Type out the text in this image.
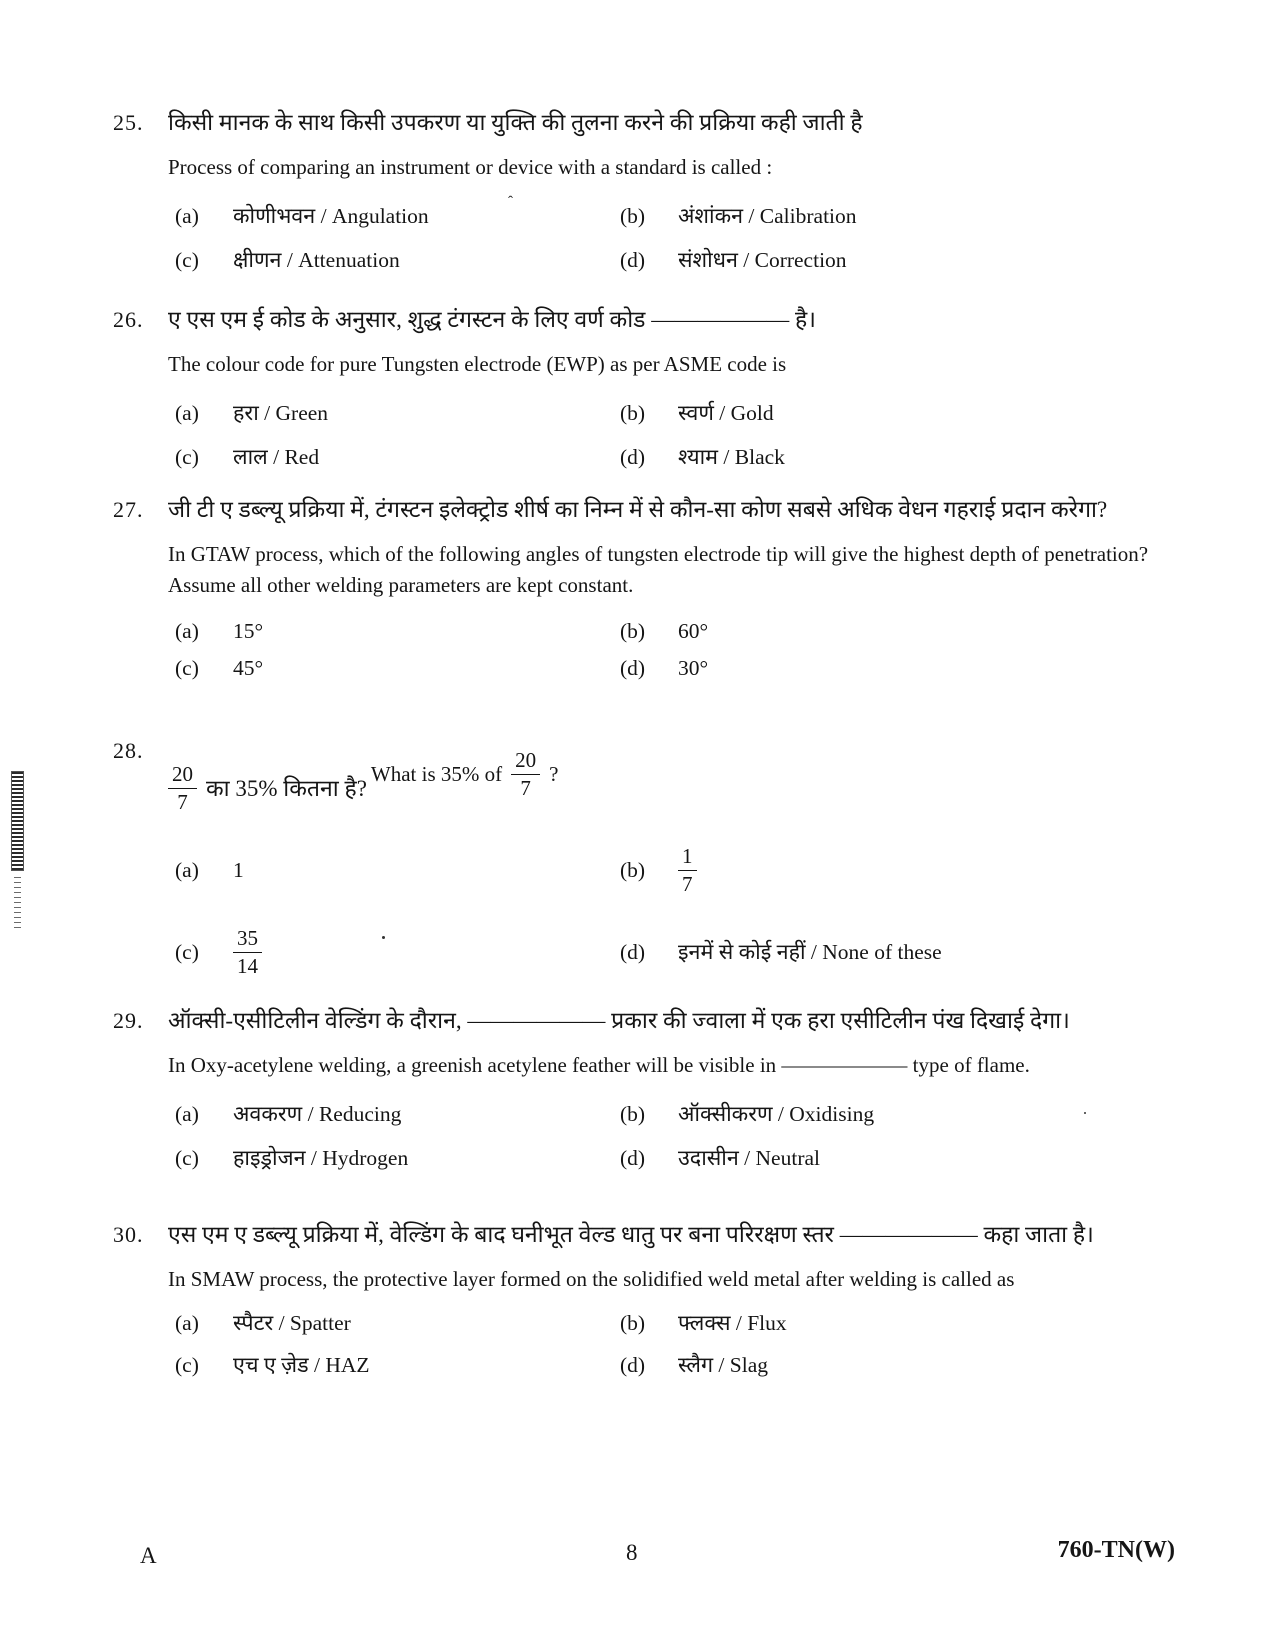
ˆ
25.	किसी मानक के साथ किसी उपकरण या युक्ति की तुलना करने की प्रक्रिया कही जाती है
Process of comparing an instrument or device with a standard is called :
(a)	कोणीभवन / Angulation	(b)	अंशांकन / Calibration
(c)	क्षीणन / Attenuation	(d)	संशोधन / Correction
26.	ए एस एम ई कोड के अनुसार, शुद्ध टंगस्टन के लिए वर्ण कोड —————— है।
The colour code for pure Tungsten electrode (EWP) as per ASME code is
(a)	हरा / Green	(b)	स्वर्ण / Gold
(c)	लाल / Red	(d)	श्याम / Black
27.	जी टी ए डब्ल्यू प्रक्रिया में, टंगस्टन इलेक्ट्रोड शीर्ष का निम्न में से कौन-सा कोण सबसे अधिक वेधन गहराई प्रदान करेगा?
In GTAW process, which of the following angles of tungsten electrode tip will give the highest depth of penetration? Assume all other welding parameters are kept constant.
(a)	15°	(b)	60°
(c)	45°	(d)	30°
28.
$\frac{20}{7}$ का 35% कितना है?

What is 35% of $\frac{20}{7}$ ?
(a)	1	(b)	$\frac{1}{7}$
(c)	$\frac{35}{14}$	(d)	इनमें से कोई नहीं / None of these
29.	ऑक्सी-एसीटिलीन वेल्डिंग के दौरान, —————— प्रकार की ज्वाला में एक हरा एसीटिलीन पंख दिखाई देगा।
In Oxy-acetylene welding, a greenish acetylene feather will be visible in —————— type of flame.
(a)	अवकरण / Reducing	(b)	ऑक्सीकरण / Oxidising
(c)	हाइड्रोजन / Hydrogen	(d)	उदासीन / Neutral
30.	एस एम ए डब्ल्यू प्रक्रिया में, वेल्डिंग के बाद घनीभूत वेल्ड धातु पर बना परिरक्षण स्तर —————— कहा जाता है।
In SMAW process, the protective layer formed on the solidified weld metal after welding is called as
(a)	स्पैटर / Spatter	(b)	फ्लक्स / Flux
(c)	एच ए ज़ेड / HAZ	(d)	स्लैग / Slag
A	8	760-TN(W)
